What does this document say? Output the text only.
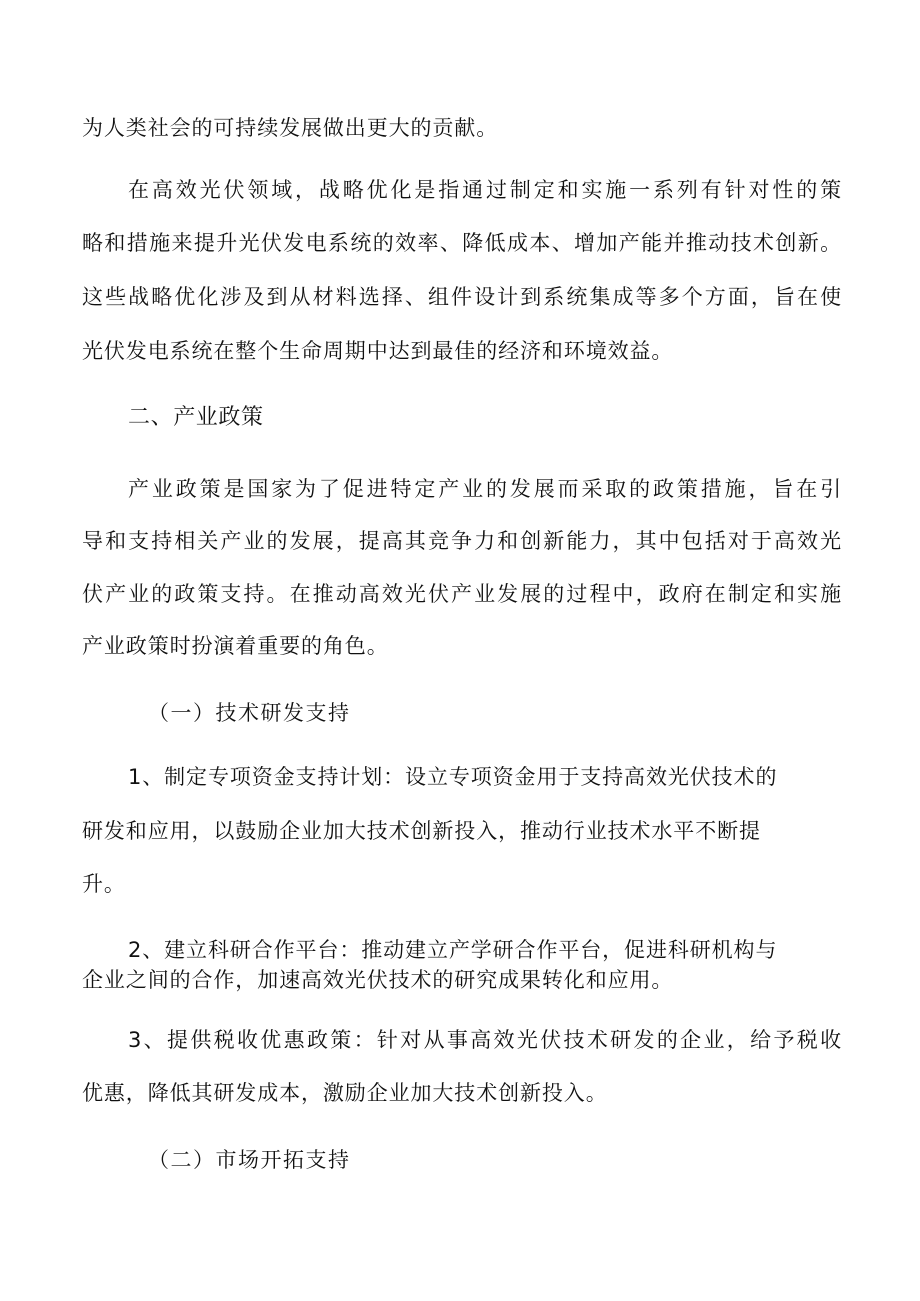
为人类社会的可持续发展做出更大的贡献。
在高效光伏领域，战略优化是指通过制定和实施一系列有针对性的策
略和措施来提升光伏发电系统的效率、降低成本、增加产能并推动技术创新。
这些战略优化涉及到从材料选择、组件设计到系统集成等多个方面，旨在使
光伏发电系统在整个生命周期中达到最佳的经济和环境效益。
二、产业政策
产业政策是国家为了促进特定产业的发展而采取的政策措施，旨在引
导和支持相关产业的发展，提高其竞争力和创新能力，其中包括对于高效光
伏产业的政策支持。在推动高效光伏产业发展的过程中，政府在制定和实施
产业政策时扮演着重要的角色。
（一）技术研发支持
1、制定专项资金支持计划：设立专项资金用于支持高效光伏技术的
研发和应用，以鼓励企业加大技术创新投入，推动行业技术水平不断提
升。
2、建立科研合作平台：推动建立产学研合作平台，促进科研机构与
企业之间的合作，加速高效光伏技术的研究成果转化和应用。
3、提供税收优惠政策：针对从事高效光伏技术研发的企业，给予税收
优惠，降低其研发成本，激励企业加大技术创新投入。
（二）市场开拓支持
